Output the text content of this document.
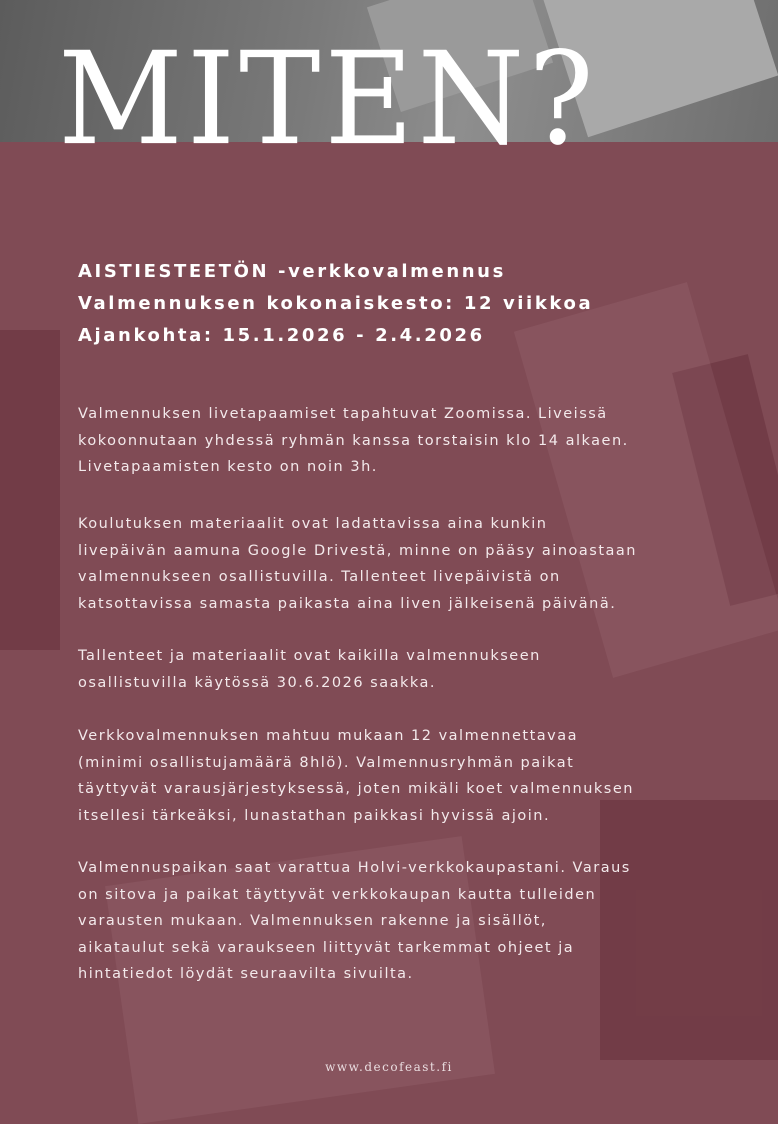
MITEN?
AISTIESTEETÖN -verkkovalmennus
Valmennuksen kokonaiskesto: 12 viikkoa
Ajankohta: 15.1.2026 - 2.4.2026
Valmennuksen livetapaamiset tapahtuvat Zoomissa. Liveissä
kokoonnutaan yhdessä ryhmän kanssa torstaisin klo 14 alkaen.
Livetapaamisten kesto on noin 3h.
Koulutuksen materiaalit ovat ladattavissa aina kunkin
livepäivän aamuna Google Drivestä, minne on pääsy ainoastaan
valmennukseen osallistuvilla. Tallenteet livepäivistä on
katsottavissa samasta paikasta aina liven jälkeisenä päivänä.
Tallenteet ja materiaalit ovat kaikilla valmennukseen
osallistuvilla käytössä 30.6.2026 saakka.
Verkkovalmennuksen mahtuu mukaan 12 valmennettavaa
(minimi osallistujamäärä 8hlö). Valmennusryhmän paikat
täyttyvät varausjärjestyksessä, joten mikäli koet valmennuksen
itsellesi tärkeäksi, lunastathan paikkasi hyvissä ajoin.
Valmennuspaikan saat varattua Holvi-verkkokaupastani. Varaus
on sitova ja paikat täyttyvät verkkokaupan kautta tulleiden
varausten mukaan. Valmennuksen rakenne ja sisällöt,
aikataulut sekä varaukseen liittyvät tarkemmat ohjeet ja
hintatiedot löydät seuraavilta sivuilta.
www.decofeast.fi
